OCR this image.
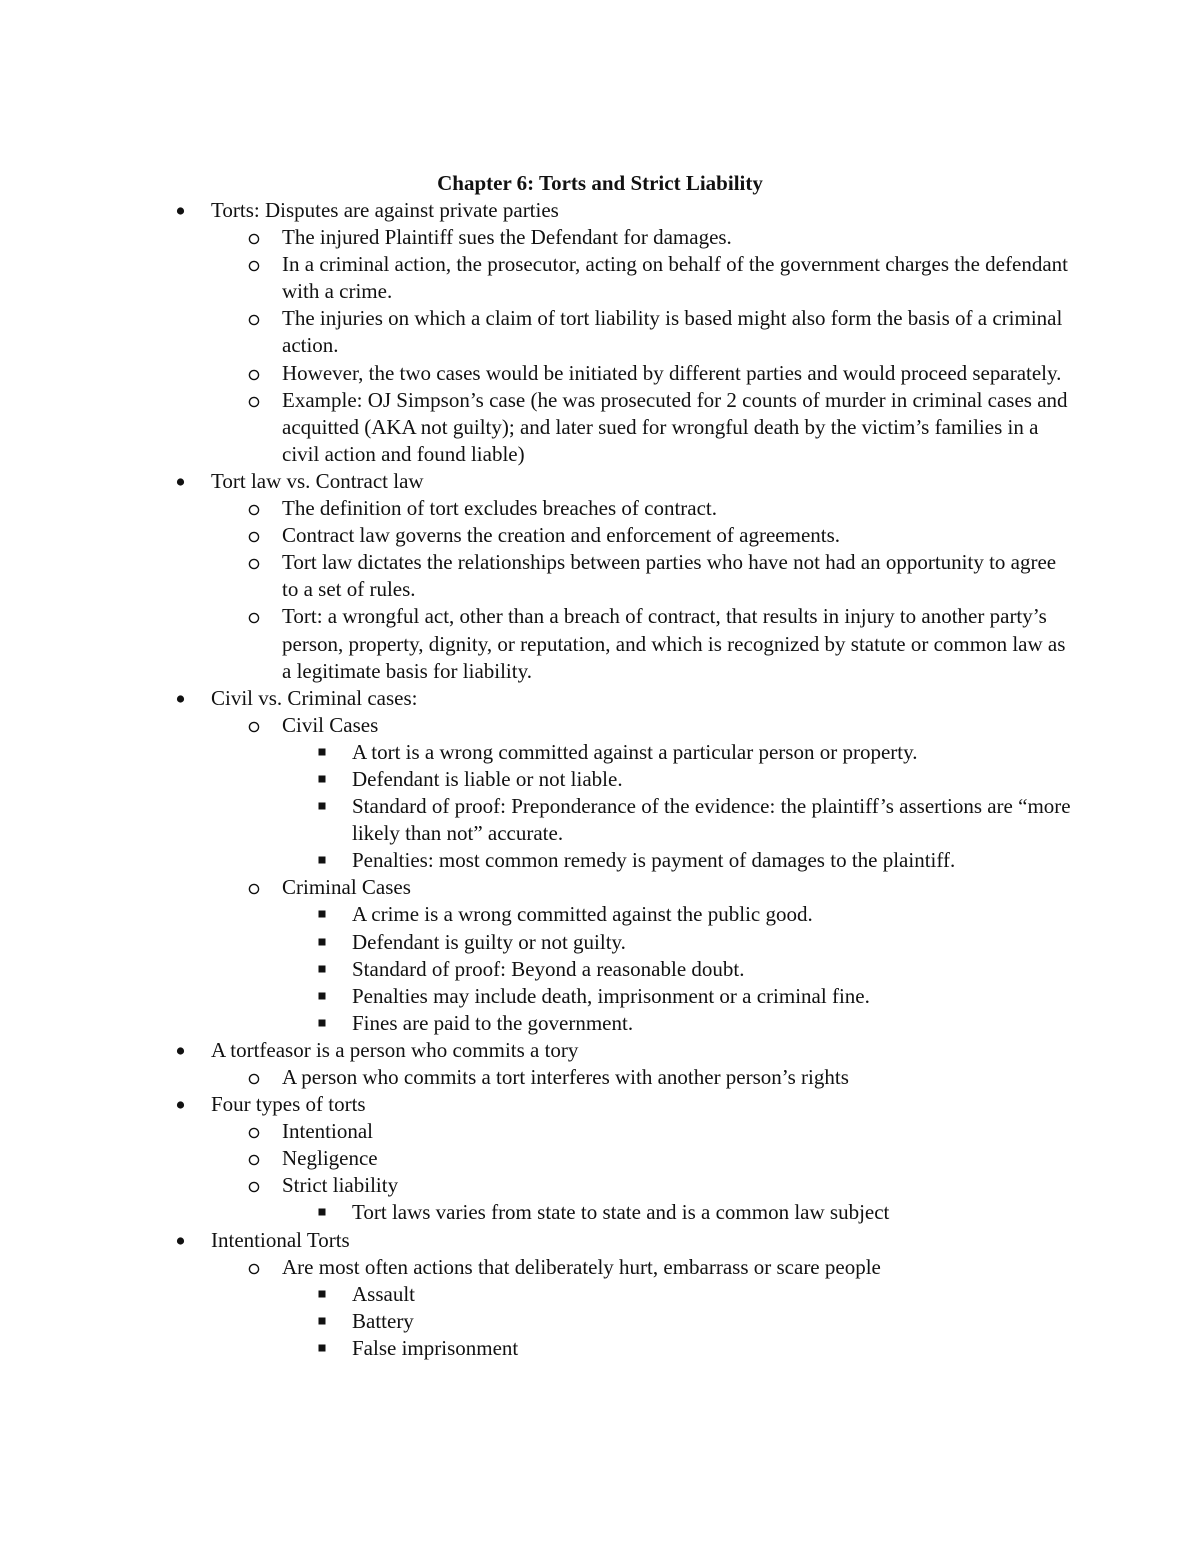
Chapter 6: Torts and Strict Liability
Torts: Disputes are against private parties
The injured Plaintiff sues the Defendant for damages.
In a criminal action, the prosecutor, acting on behalf of the government charges the defendant with a crime.
The injuries on which a claim of tort liability is based might also form the basis of a criminal action.
However, the two cases would be initiated by different parties and would proceed separately.
Example: OJ Simpson’s case (he was prosecuted for 2 counts of murder in criminal cases and acquitted (AKA not guilty); and later sued for wrongful death by the victim’s families in a civil action and found liable)
Tort law vs. Contract law
The definition of tort excludes breaches of contract.
Contract law governs the creation and enforcement of agreements.
Tort law dictates the relationships between parties who have not had an opportunity to agree to a set of rules.
Tort: a wrongful act, other than a breach of contract, that results in injury to another party’s person, property, dignity, or reputation, and which is recognized by statute or common law as a legitimate basis for liability.
Civil vs. Criminal cases:
Civil Cases
A tort is a wrong committed against a particular person or property.
Defendant is liable or not liable.
Standard of proof: Preponderance of the evidence: the plaintiff’s assertions are “more likely than not” accurate.
Penalties: most common remedy is payment of damages to the plaintiff.
Criminal Cases
A crime is a wrong committed against the public good.
Defendant is guilty or not guilty.
Standard of proof: Beyond a reasonable doubt.
Penalties may include death, imprisonment or a criminal fine.
Fines are paid to the government.
A tortfeasor is a person who commits a tory
A person who commits a tort interferes with another person’s rights
Four types of torts
Intentional
Negligence
Strict liability
Tort laws varies from state to state and is a common law subject
Intentional Torts
Are most often actions that deliberately hurt, embarrass or scare people
Assault
Battery
False imprisonment
